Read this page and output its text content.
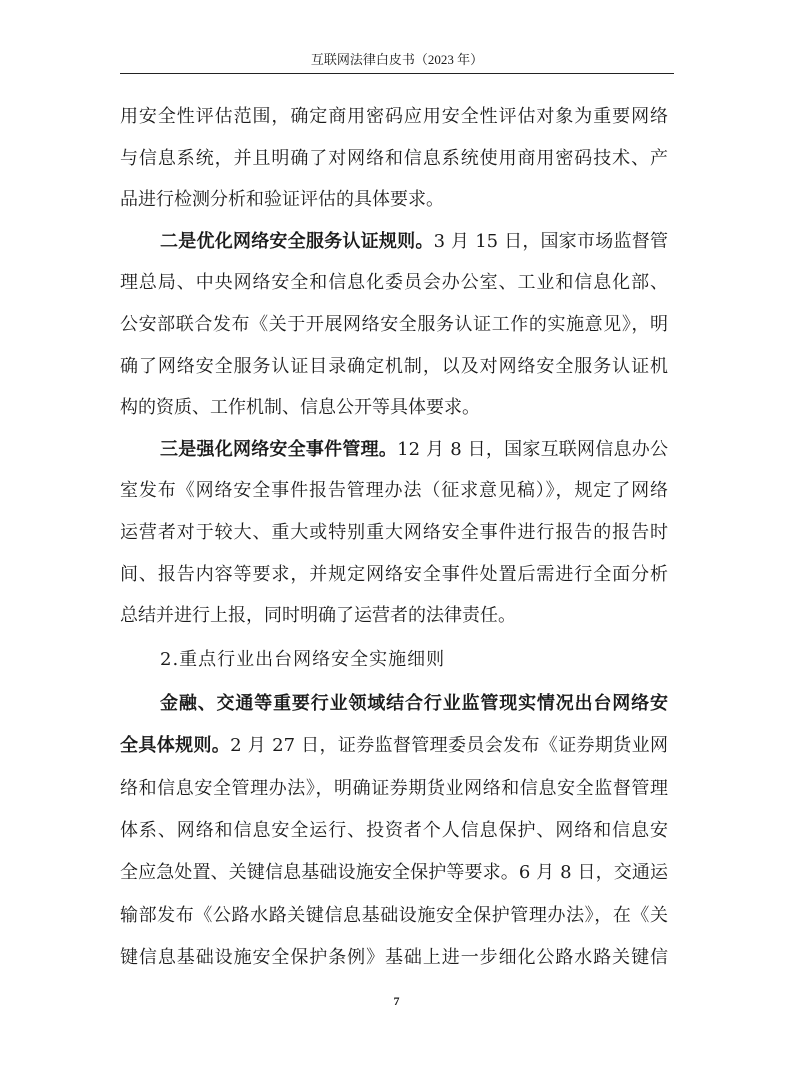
互联网法律白皮书（2023 年）
用安全性评估范围，确定商用密码应用安全性评估对象为重要网络
与信息系统，并且明确了对网络和信息系统使用商用密码技术、产
品进行检测分析和验证评估的具体要求。
二是优化网络安全服务认证规则。3 月 15 日，国家市场监督管
理总局、中央网络安全和信息化委员会办公室、工业和信息化部、
公安部联合发布《关于开展网络安全服务认证工作的实施意见》，明
确了网络安全服务认证目录确定机制，以及对网络安全服务认证机
构的资质、工作机制、信息公开等具体要求。
三是强化网络安全事件管理。12 月 8 日，国家互联网信息办公
室发布《网络安全事件报告管理办法（征求意见稿）》，规定了网络
运营者对于较大、重大或特别重大网络安全事件进行报告的报告时
间、报告内容等要求，并规定网络安全事件处置后需进行全面分析
总结并进行上报，同时明确了运营者的法律责任。
2.重点行业出台网络安全实施细则
金融、交通等重要行业领域结合行业监管现实情况出台网络安
全具体规则。2 月 27 日，证券监督管理委员会发布《证券期货业网
络和信息安全管理办法》，明确证券期货业网络和信息安全监督管理
体系、网络和信息安全运行、投资者个人信息保护、网络和信息安
全应急处置、关键信息基础设施安全保护等要求。6 月 8 日，交通运
输部发布《公路水路关键信息基础设施安全保护管理办法》，在《关
键信息基础设施安全保护条例》基础上进一步细化公路水路关键信
7
